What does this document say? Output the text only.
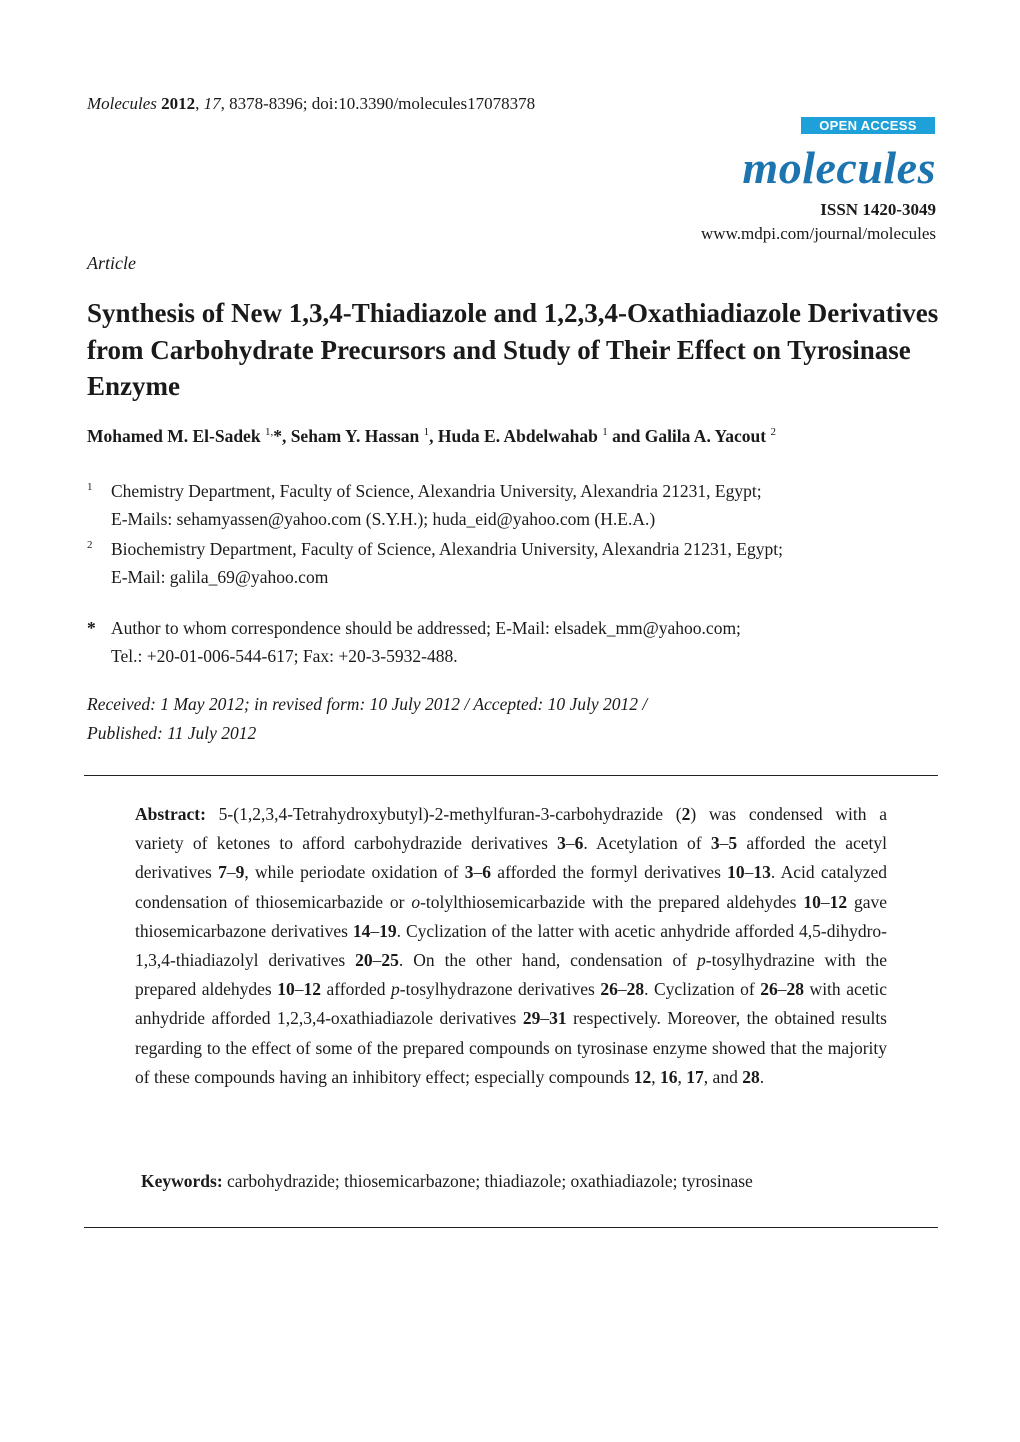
Molecules 2012, 17, 8378-8396; doi:10.3390/molecules17078378
OPEN ACCESS
molecules
ISSN 1420-3049
www.mdpi.com/journal/molecules
Article
Synthesis of New 1,3,4-Thiadiazole and 1,2,3,4-Oxathiadiazole Derivatives from Carbohydrate Precursors and Study of Their Effect on Tyrosinase Enzyme
Mohamed M. El-Sadek $^{1,}$*, Seham Y. Hassan $^1$, Huda E. Abdelwahab $^1$ and Galila A. Yacout $^2$
1 Chemistry Department, Faculty of Science, Alexandria University, Alexandria 21231, Egypt;
E-Mails: sehamyassen@yahoo.com (S.Y.H.); huda_eid@yahoo.com (H.E.A.)
2 Biochemistry Department, Faculty of Science, Alexandria University, Alexandria 21231, Egypt;
E-Mail: galila_69@yahoo.com
* Author to whom correspondence should be addressed; E-Mail: elsadek_mm@yahoo.com;
Tel.: +20-01-006-544-617; Fax: +20-3-5932-488.
Received: 1 May 2012; in revised form: 10 July 2012 / Accepted: 10 July 2012 /
Published: 11 July 2012
Abstract: 5-(1,2,3,4-Tetrahydroxybutyl)-2-methylfuran-3-carbohydrazide (2) was condensed with a variety of ketones to afford carbohydrazide derivatives 3–6. Acetylation of 3–5 afforded the acetyl derivatives 7–9, while periodate oxidation of 3–6 afforded the formyl derivatives 10–13. Acid catalyzed condensation of thiosemicarbazide or o-tolylthiosemicarbazide with the prepared aldehydes 10–12 gave thiosemicarbazone derivatives 14–19. Cyclization of the latter with acetic anhydride afforded 4,5-dihydro-1,3,4-thiadiazolyl derivatives 20–25. On the other hand, condensation of p-tosylhydrazine with the prepared aldehydes 10–12 afforded p-tosylhydrazone derivatives 26–28. Cyclization of 26–28 with acetic anhydride afforded 1,2,3,4-oxathiadiazole derivatives 29–31 respectively. Moreover, the obtained results regarding to the effect of some of the prepared compounds on tyrosinase enzyme showed that the majority of these compounds having an inhibitory effect; especially compounds 12, 16, 17, and 28.
Keywords: carbohydrazide; thiosemicarbazone; thiadiazole; oxathiadiazole; tyrosinase
